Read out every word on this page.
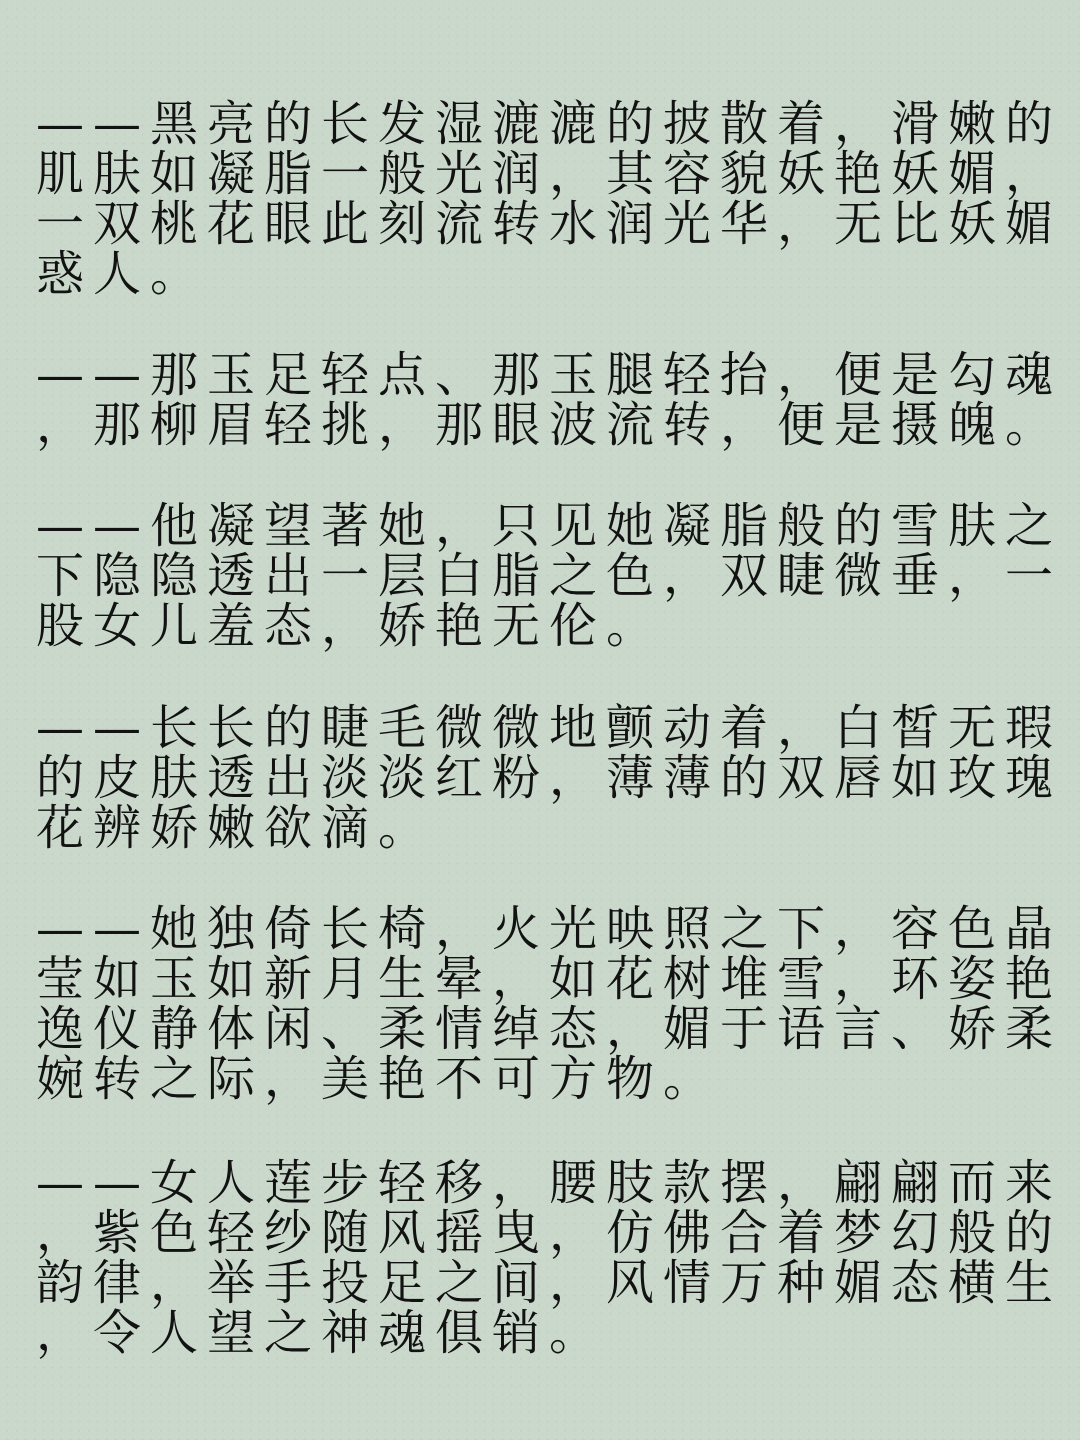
——黑亮的长发湿漉漉的披散着，滑嫩的
肌肤如凝脂一般光润，其容貌妖艳妖媚，
一双桃花眼此刻流转水润光华，无比妖媚
惑人。
——那玉足轻点、那玉腿轻抬，便是勾魂
，那柳眉轻挑，那眼波流转，便是摄魄。
——他凝望著她，只见她凝脂般的雪肤之
下隐隐透出一层白脂之色，双睫微垂，一
股女儿羞态，娇艳无伦。
——长长的睫毛微微地颤动着，白皙无瑕
的皮肤透出淡淡红粉，薄薄的双唇如玫瑰
花辨娇嫩欲滴。
——她独倚长椅，火光映照之下，容色晶
莹如玉如新月生晕，如花树堆雪，环姿艳
逸仪静体闲、柔情绰态，媚于语言、娇柔
婉转之际，美艳不可方物。
——女人莲步轻移，腰肢款摆，翩翩而来
，紫色轻纱随风摇曳，仿佛合着梦幻般的
韵律，举手投足之间，风情万种媚态横生
，令人望之神魂俱销。
